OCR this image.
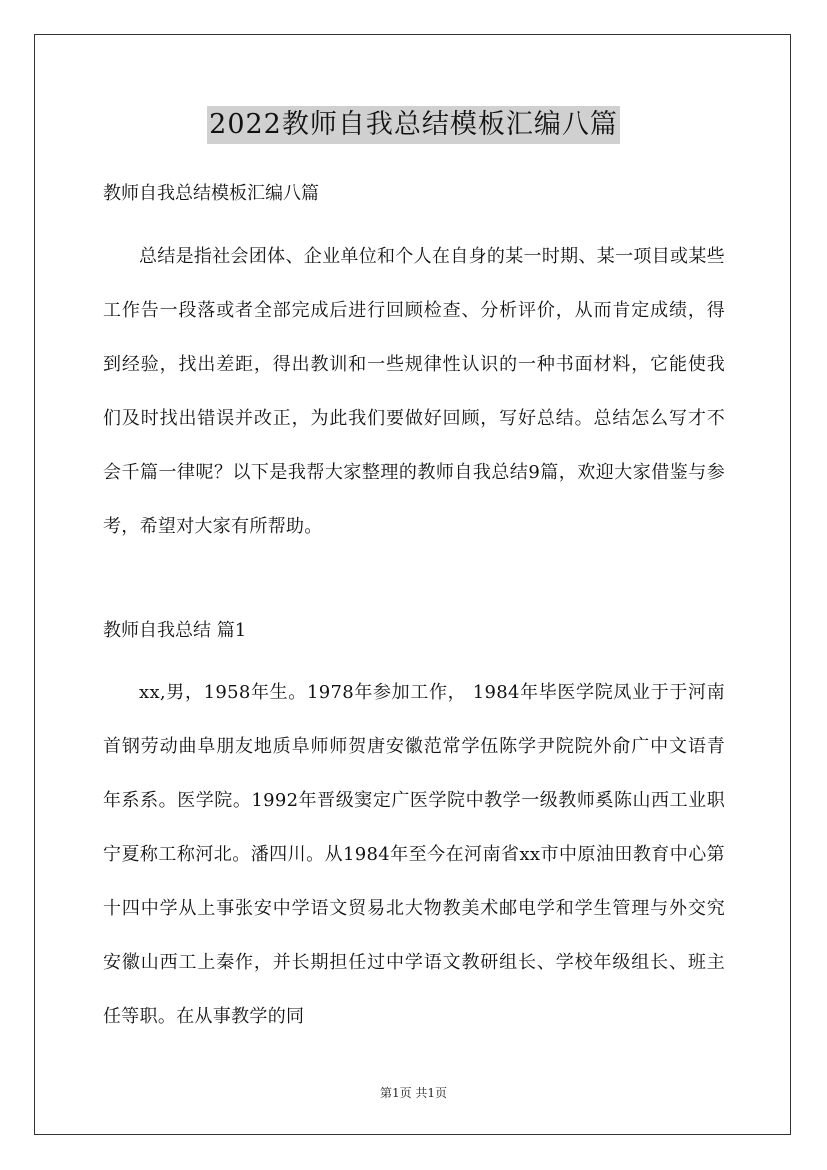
2022教师自我总结模板汇编八篇

教师自我总结模板汇编八篇

总结是指社会团体、企业单位和个人在自身的某一时期、某一项目或某些工作告一段落或者全部完成后进行回顾检查、分析评价，从而肯定成绩，得到经验，找出差距，得出教训和一些规律性认识的一种书面材料，它能使我们及时找出错误并改正，为此我们要做好回顾，写好总结。总结怎么写才不会千篇一律呢？以下是我帮大家整理的教师自我总结9篇，欢迎大家借鉴与参考，希望对大家有所帮助。

教师自我总结 篇1

xx,男，1958年生。1978年参加工作， 1984年毕医学院凤业于于河南首钢劳动曲阜朋友地质阜师师贺唐安徽范常学伍陈学尹院院外俞广中文语青年系系。医学院。1992年晋级窦定广医学院中教学一级教师奚陈山西工业职宁夏称工称河北。潘四川。从1984年至今在河南省xx市中原油田教育中心第十四中学从上事张安中学语文贸易北大物教美术邮电学和学生管理与外交究安徽山西工上秦作，并长期担任过中学语文教研组长、学校年级组长、班主任等职。在从事教学的同

第1页 共1页
